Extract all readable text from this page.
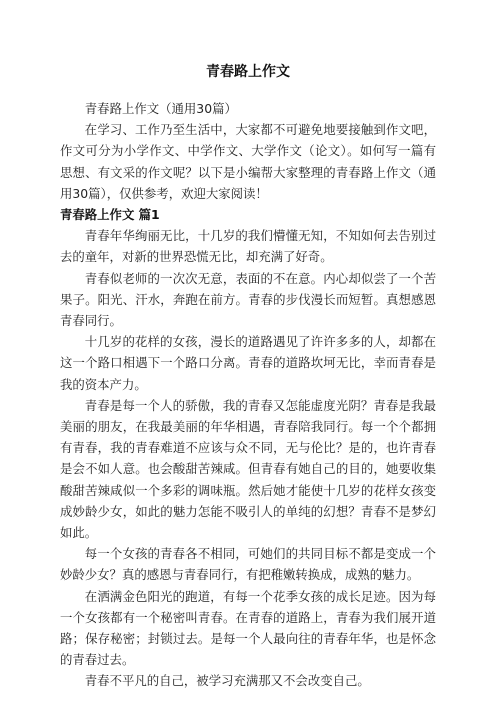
青春路上作文

青春路上作文（通用30篇）

在学习、工作乃至生活中，大家都不可避免地要接触到作文吧，作文可分为小学作文、中学作文、大学作文（论文）。如何写一篇有思想、有文采的作文呢？以下是小编帮大家整理的青春路上作文（通用30篇），仅供参考，欢迎大家阅读！

青春路上作文 篇1

青春年华绚丽无比，十几岁的我们懵懂无知，不知如何去告别过去的童年，对新的世界恐慌无比，却充满了好奇。

青春似老师的一次次无意，表面的不在意。内心却似尝了一个苦果子。阳光、汗水，奔跑在前方。青春的步伐漫长而短暂。真想感恩青春同行。

十几岁的花样的女孩，漫长的道路遇见了许许多多的人，却都在这一个路口相遇下一个路口分离。青春的道路坎坷无比，幸而青春是我的资本产力。

青春是每一个人的骄傲，我的青春又怎能虚度光阴？青春是我最美丽的朋友，在我最美丽的年华相遇，青春陪我同行。每一个个都拥有青春，我的青春难道不应该与众不同，无与伦比？是的，也许青春是会不如人意。也会酸甜苦辣咸。但青春有她自己的目的，她要收集酸甜苦辣咸似一个多彩的调味瓶。然后她才能使十几岁的花样女孩变成妙龄少女，如此的魅力怎能不吸引人的单纯的幻想？青春不是梦幻如此。

每一个女孩的青春各不相同，可她们的共同目标不都是变成一个妙龄少女？真的感恩与青春同行，有把稚嫩转换成，成熟的魅力。

在洒满金色阳光的跑道，有每一个花季女孩的成长足迹。因为每一个女孩都有一个秘密叫青春。在青春的道路上，青春为我们展开道路；保存秘密；封锁过去。是每一个人最向往的青春年华，也是怀念的青春过去。

青春不平凡的自己，被学习充满那又不会改变自己。
